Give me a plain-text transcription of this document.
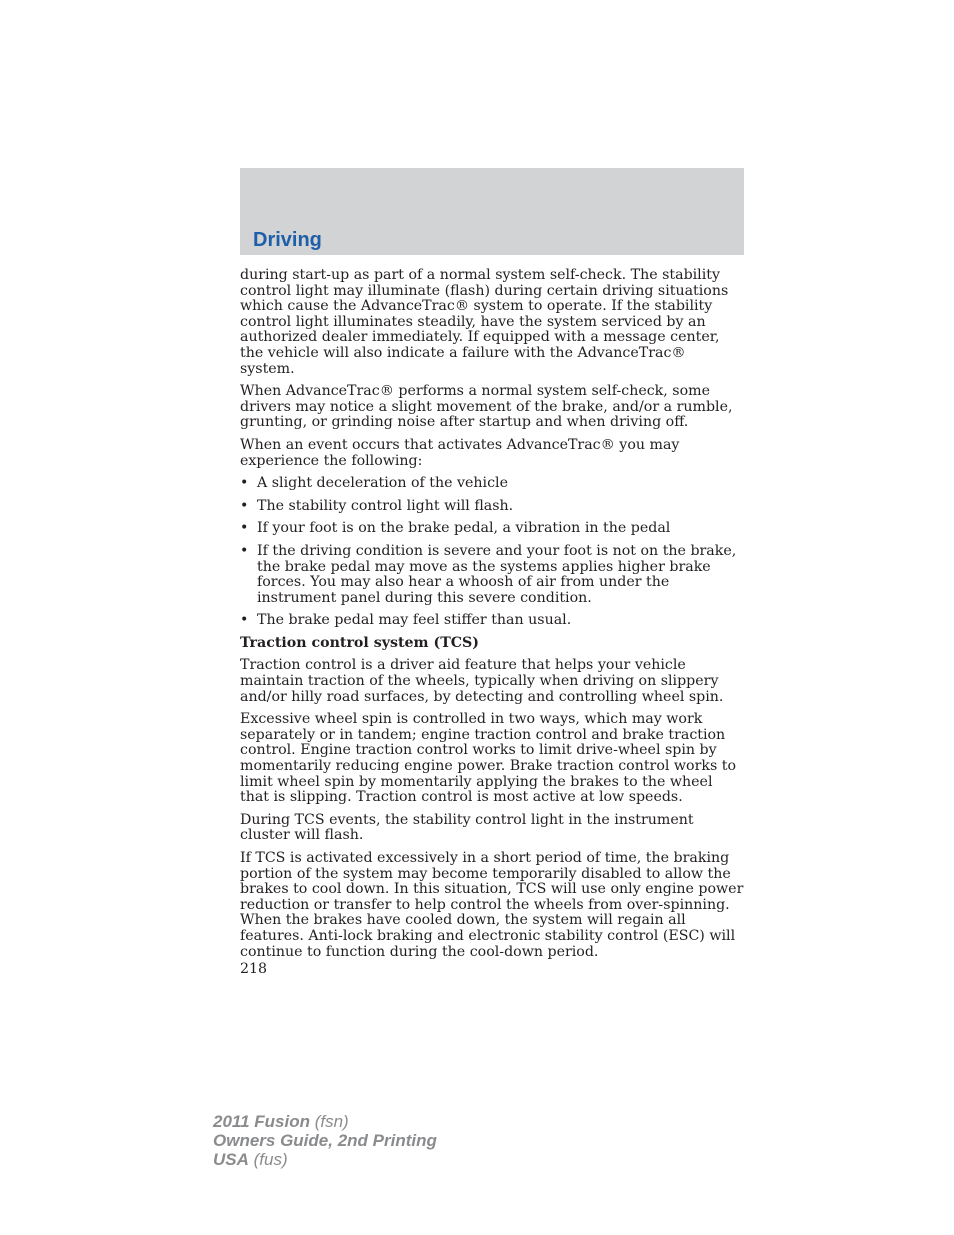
Driving

during start-up as part of a normal system self-check. The stability control light may illuminate (flash) during certain driving situations which cause the AdvanceTrac® system to operate. If the stability control light illuminates steadily, have the system serviced by an authorized dealer immediately. If equipped with a message center, the vehicle will also indicate a failure with the AdvanceTrac® system.

When AdvanceTrac® performs a normal system self-check, some drivers may notice a slight movement of the brake, and/or a rumble, grunting, or grinding noise after startup and when driving off.

When an event occurs that activates AdvanceTrac® you may experience the following:

• A slight deceleration of the vehicle
• The stability control light will flash.
• If your foot is on the brake pedal, a vibration in the pedal
• If the driving condition is severe and your foot is not on the brake, the brake pedal may move as the systems applies higher brake forces. You may also hear a whoosh of air from under the instrument panel during this severe condition.
• The brake pedal may feel stiffer than usual.
Traction control system (TCS)

Traction control is a driver aid feature that helps your vehicle maintain traction of the wheels, typically when driving on slippery and/or hilly road surfaces, by detecting and controlling wheel spin.

Excessive wheel spin is controlled in two ways, which may work separately or in tandem; engine traction control and brake traction control. Engine traction control works to limit drive-wheel spin by momentarily reducing engine power. Brake traction control works to limit wheel spin by momentarily applying the brakes to the wheel that is slipping. Traction control is most active at low speeds.

During TCS events, the stability control light in the instrument cluster will flash.

If TCS is activated excessively in a short period of time, the braking portion of the system may become temporarily disabled to allow the brakes to cool down. In this situation, TCS will use only engine power reduction or transfer to help control the wheels from over-spinning. When the brakes have cooled down, the system will regain all features. Anti-lock braking and electronic stability control (ESC) will continue to function during the cool-down period.

218
2011 Fusion (fsn)
Owners Guide, 2nd Printing
USA (fus)
